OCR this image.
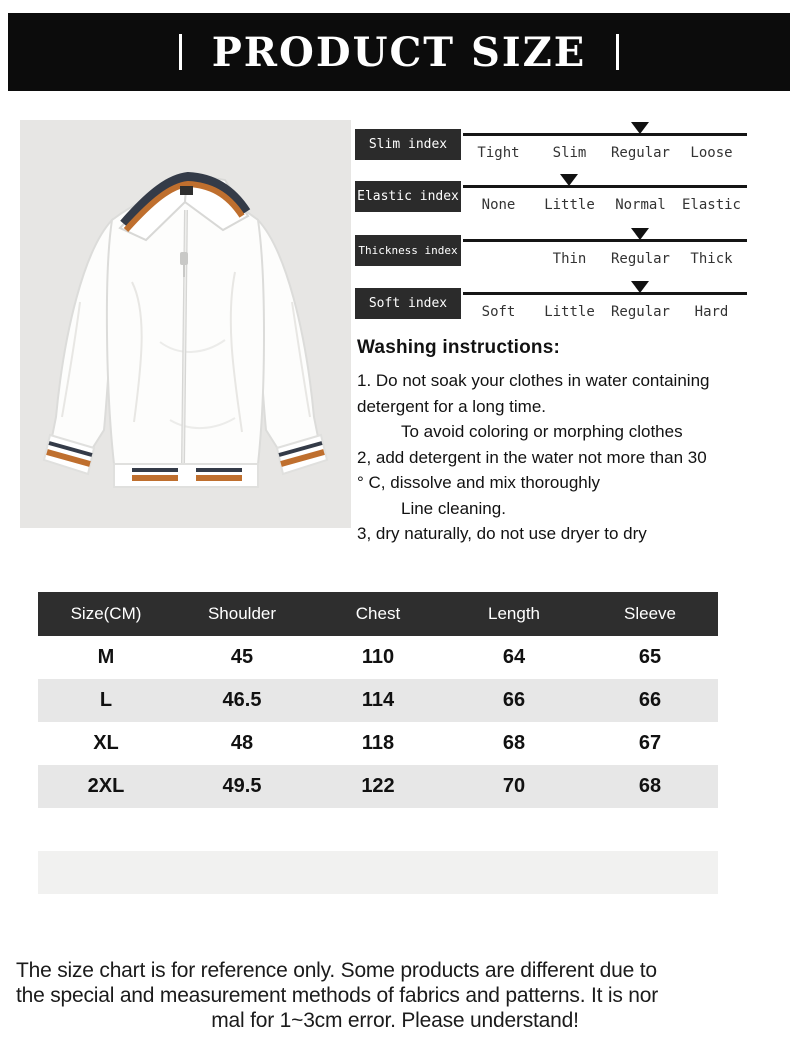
PRODUCT SIZE
Slim index
Tight	Slim	Regular	Loose
Elastic index
None	Little	Normal	Elastic
Thickness index
Thin	Regular	Thick
Soft index
Soft	Little	Regular	Hard
Washing instructions:
1. Do not soak your clothes in water containing
detergent for a long time.
To avoid coloring or morphing clothes
2, add detergent in the water not more than 30
° C, dissolve and mix thoroughly
Line cleaning.
3, dry naturally, do not use dryer to dry
Size(CM)	Shoulder	Chest	Length	Sleeve
M	45	110	64	65
L	46.5	114	66	66
XL	48	118	68	67
2XL	49.5	122	70	68
The size chart is for reference only. Some products are different due to
the special and measurement methods of fabrics and patterns. It is nor
mal for 1~3cm error. Please understand!
